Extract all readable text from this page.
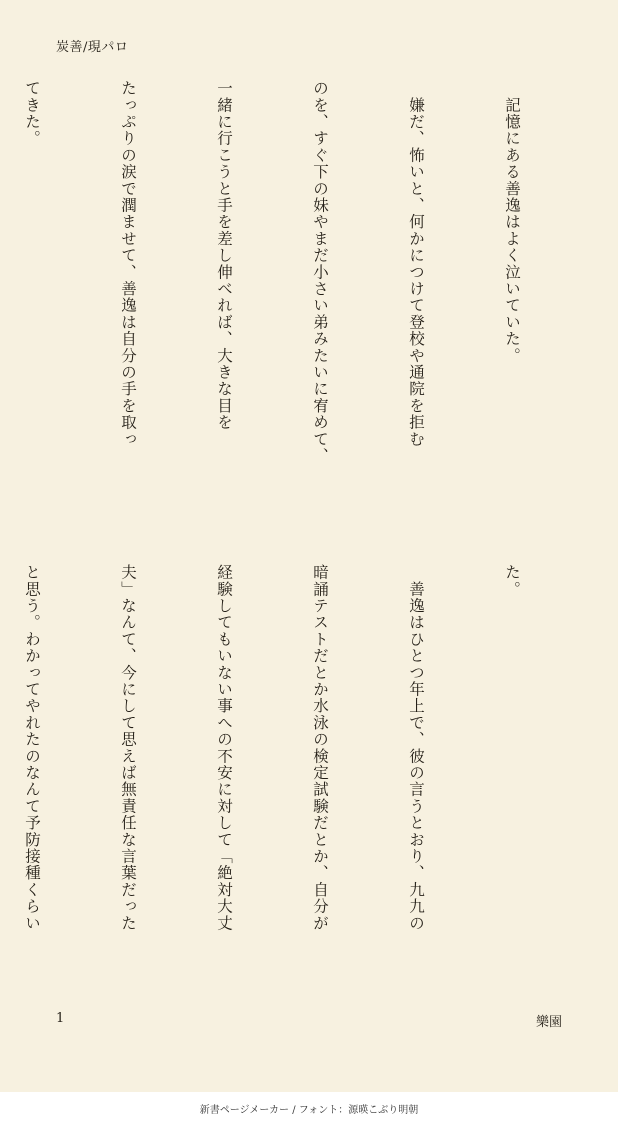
炭善/現パロ

　記憶にある善逸はよく泣いていた。

　嫌だ、怖いと、何かにつけて登校や通院を拒む

のを、すぐ下の妹やまだ小さい弟みたいに宥めて、

一緒に行こうと手を差し伸べれば、大きな目を

たっぷりの涙で潤ませて、善逸は自分の手を取っ

てきた。

た。

　善逸はひとつ年上で、彼の言うとおり、九九の

暗誦テストだとか水泳の検定試験だとか、自分が

経験してもいない事への不安に対して「絶対大丈

夫」なんて、今にして思えば無責任な言葉だった

と思う。わかってやれたのなんて予防接種くらい

1	樂園
新書ページメーカー / フォント：源暎こぶり明朝
